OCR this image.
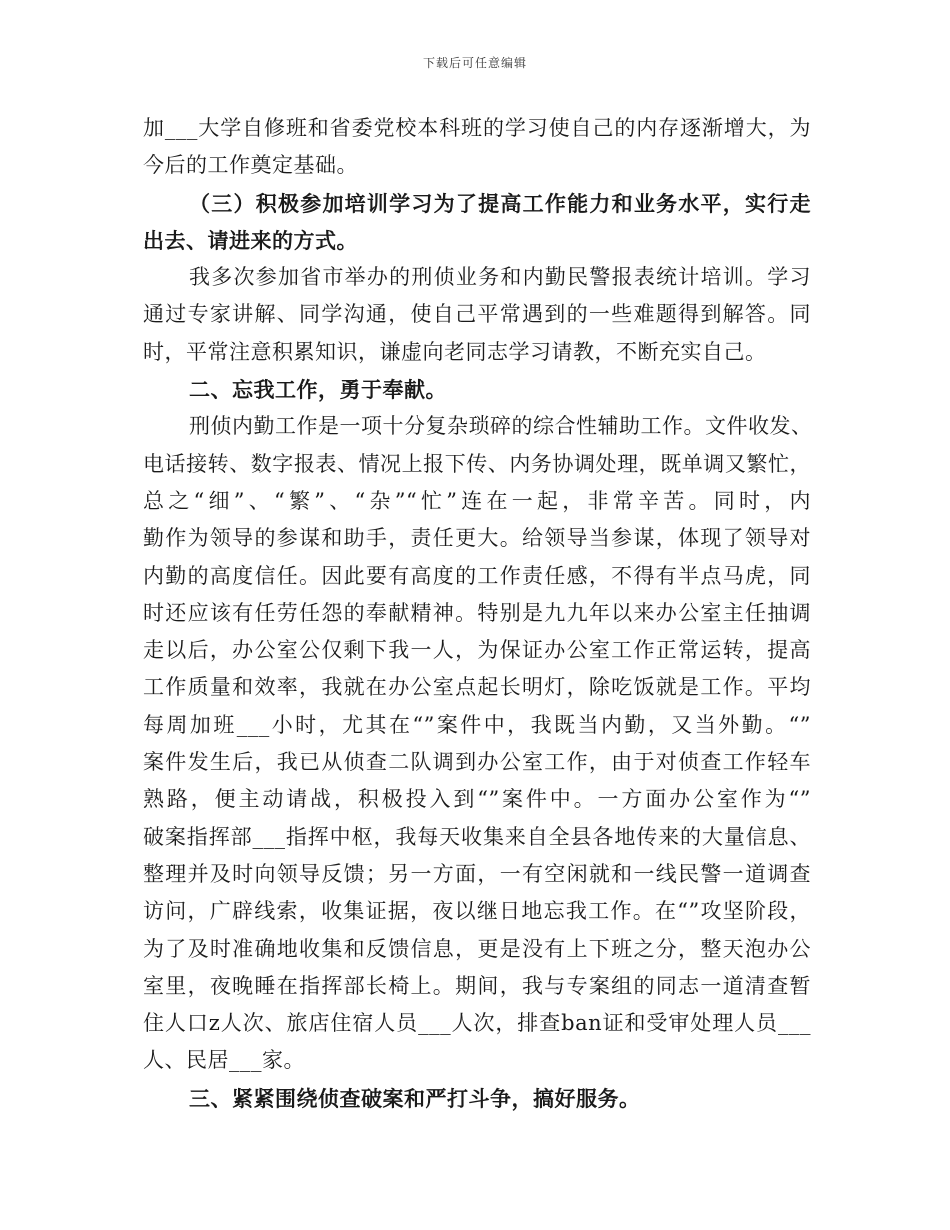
下载后可任意编辑
加___大学自修班和省委党校本科班的学习使自己的内存逐渐增大，为
今后的工作奠定基础。
（三）积极参加培训学习为了提高工作能力和业务水平，实行走
出去、请进来的方式。
我多次参加省市举办的刑侦业务和内勤民警报表统计培训。学习
通过专家讲解、同学沟通，使自己平常遇到的一些难题得到解答。同
时，平常注意积累知识，谦虚向老同志学习请教，不断充实自己。
二、忘我工作，勇于奉献。
刑侦内勤工作是一项十分复杂琐碎的综合性辅助工作。文件收发、
电话接转、数字报表、情况上报下传、内务协调处理，既单调又繁忙，
总之“细”、“繁”、“杂”“忙”连在一起，非常辛苦。同时，内
勤作为领导的参谋和助手，责任更大。给领导当参谋，体现了领导对
内勤的高度信任。因此要有高度的工作责任感，不得有半点马虎，同
时还应该有任劳任怨的奉献精神。特别是九九年以来办公室主任抽调
走以后，办公室公仅剩下我一人，为保证办公室工作正常运转，提高
工作质量和效率，我就在办公室点起长明灯，除吃饭就是工作。平均
每周加班___小时，尤其在“”案件中，我既当内勤，又当外勤。“”
案件发生后，我已从侦查二队调到办公室工作，由于对侦查工作轻车
熟路，便主动请战，积极投入到“”案件中。一方面办公室作为“”
破案指挥部___指挥中枢，我每天收集来自全县各地传来的大量信息、
整理并及时向领导反馈；另一方面，一有空闲就和一线民警一道调查
访问，广辟线索，收集证据，夜以继日地忘我工作。在“”攻坚阶段，
为了及时准确地收集和反馈信息，更是没有上下班之分，整天泡办公
室里，夜晚睡在指挥部长椅上。期间，我与专案组的同志一道清查暂
住人口z人次、旅店住宿人员___人次，排查ban证和受审处理人员___
人、民居___家。
三、紧紧围绕侦查破案和严打斗争，搞好服务。
